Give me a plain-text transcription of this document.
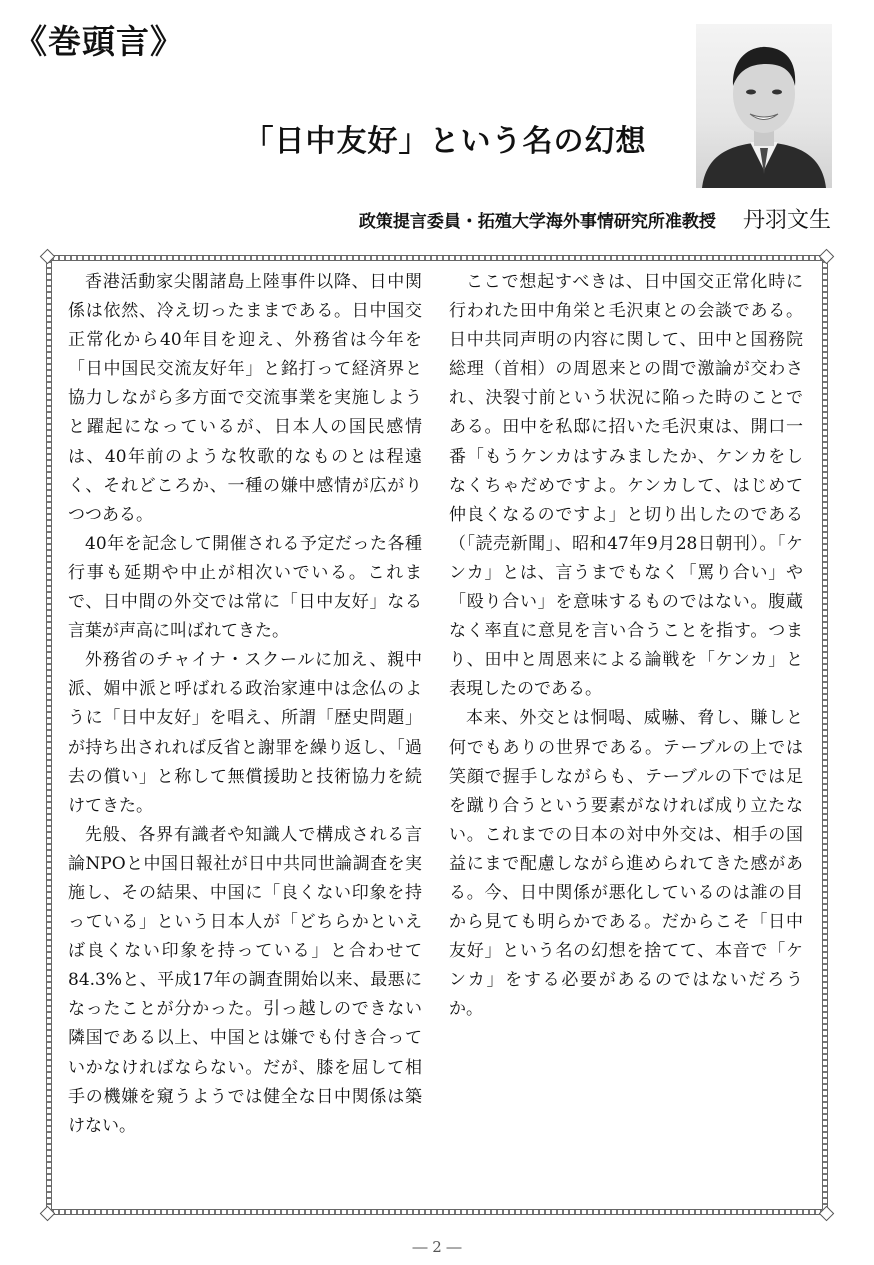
《巻頭言》
「日中友好」という名の幻想
政策提言委員・拓殖大学海外事情研究所准教授 丹羽文生

香港活動家尖閣諸島上陸事件以降、日中関係は依然、冷え切ったままである。日中国交正常化から40年目を迎え、外務省は今年を「日中国民交流友好年」と銘打って経済界と協力しながら多方面で交流事業を実施しようと躍起になっているが、日本人の国民感情は、40年前のような牧歌的なものとは程遠く、それどころか、一種の嫌中感情が広がりつつある。

40年を記念して開催される予定だった各種行事も延期や中止が相次いでいる。これまで、日中間の外交では常に「日中友好」なる言葉が声高に叫ばれてきた。

外務省のチャイナ・スクールに加え、親中派、媚中派と呼ばれる政治家連中は念仏のように「日中友好」を唱え、所謂「歴史問題」が持ち出されれば反省と謝罪を繰り返し、「過去の償い」と称して無償援助と技術協力を続けてきた。

先般、各界有識者や知識人で構成される言論NPOと中国日報社が日中共同世論調査を実施し、その結果、中国に「良くない印象を持っている」という日本人が「どちらかといえば良くない印象を持っている」と合わせて84.3%と、平成17年の調査開始以来、最悪になったことが分かった。引っ越しのできない隣国である以上、中国とは嫌でも付き合っていかなければならない。だが、膝を屈して相手の機嫌を窺うようでは健全な日中関係は築けない。

ここで想起すべきは、日中国交正常化時に行われた田中角栄と毛沢東との会談である。日中共同声明の内容に関して、田中と国務院総理（首相）の周恩来との間で激論が交わされ、決裂寸前という状況に陥った時のことである。田中を私邸に招いた毛沢東は、開口一番「もうケンカはすみましたか、ケンカをしなくちゃだめですよ。ケンカして、はじめて仲良くなるのですよ」と切り出したのである（「読売新聞」、昭和47年9月28日朝刊）。「ケンカ」とは、言うまでもなく「罵り合い」や「殴り合い」を意味するものではない。腹蔵なく率直に意見を言い合うことを指す。つまり、田中と周恩来による論戦を「ケンカ」と表現したのである。

本来、外交とは恫喝、威嚇、脅し、賺しと何でもありの世界である。テーブルの上では笑顔で握手しながらも、テーブルの下では足を蹴り合うという要素がなければ成り立たない。これまでの日本の対中外交は、相手の国益にまで配慮しながら進められてきた感がある。今、日中関係が悪化しているのは誰の目から見ても明らかである。だからこそ「日中友好」という名の幻想を捨てて、本音で「ケンカ」をする必要があるのではないだろうか。

― 2 ―
